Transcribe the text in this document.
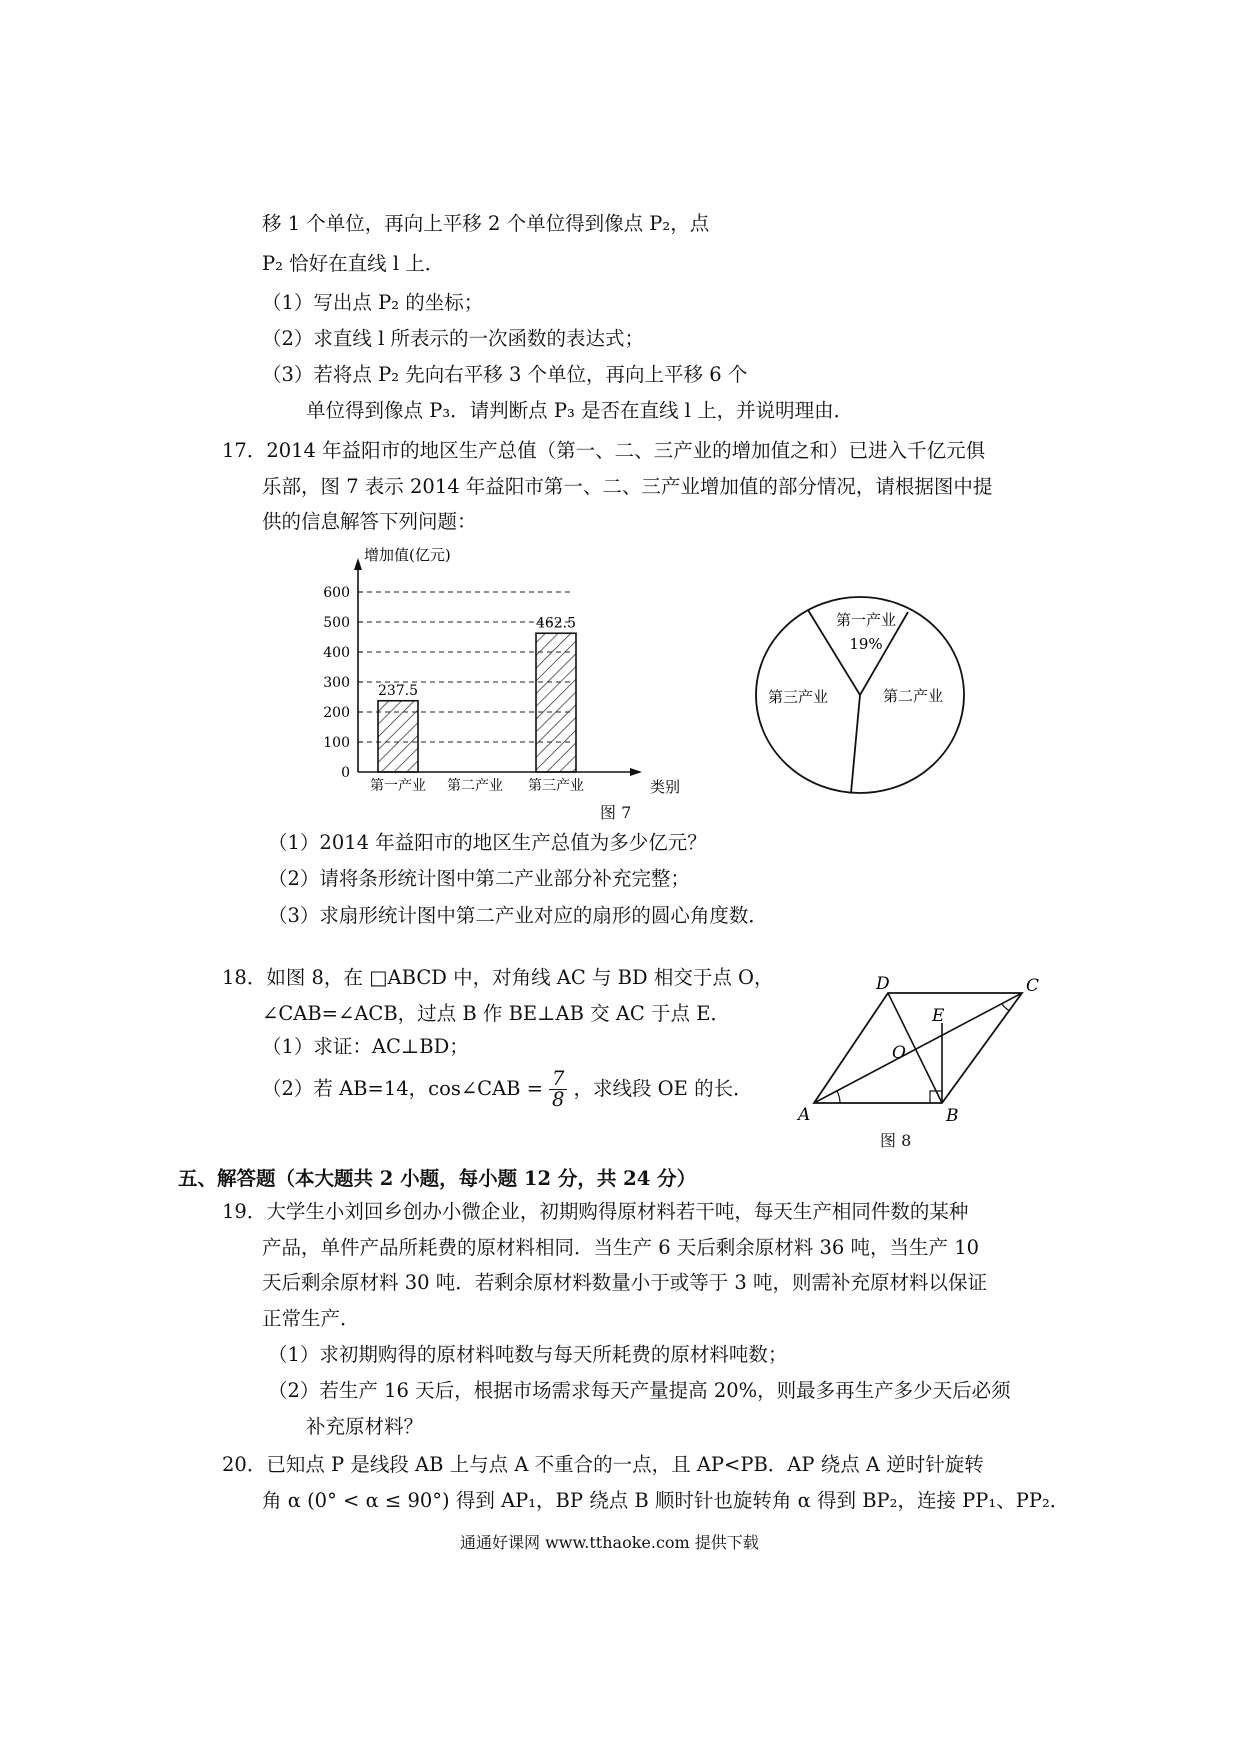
移 1 个单位，再向上平移 2 个单位得到像点 P₂，点
P₂ 恰好在直线 l 上．
（1）写出点 P₂ 的坐标；
（2）求直线 l 所表示的一次函数的表达式；
（3）若将点 P₂ 先向右平移 3 个单位，再向上平移 6 个
单位得到像点 P₃．请判断点 P₃ 是否在直线 l 上，并说明理由．
17．2014 年益阳市的地区生产总值（第一、二、三产业的增加值之和）已进入千亿元俱
乐部，图 7 表示 2014 年益阳市第一、二、三产业增加值的部分情况，请根据图中提
供的信息解答下列问题：
增加值(亿元)
类别
0
100
200
300
400
500
600
237.5
462.5
第一产业 第二产业 第三产业
图 7
第一产业
19%
第三产业	第二产业
（1）2014 年益阳市的地区生产总值为多少亿元？
（2）请将条形统计图中第二产业部分补充完整；
（3）求扇形统计图中第二产业对应的扇形的圆心角度数．
18．如图 8，在 □ABCD 中，对角线 AC 与 BD 相交于点 O，
∠CAB=∠ACB，过点 B 作 BE⊥AB 交 AC 于点 E．
（1）求证：AC⊥BD；
（2）若 AB=14，cos∠CAB = $\frac{7}{8}$ ，求线段 OE 的长．
A	B
C
D
E
O
图 8
五、解答题（本大题共 2 小题，每小题 12 分，共 24 分）
19．大学生小刘回乡创办小微企业，初期购得原材料若干吨，每天生产相同件数的某种
产品，单件产品所耗费的原材料相同．当生产 6 天后剩余原材料 36 吨，当生产 10
天后剩余原材料 30 吨．若剩余原材料数量小于或等于 3 吨，则需补充原材料以保证
正常生产．
（1）求初期购得的原材料吨数与每天所耗费的原材料吨数；
（2）若生产 16 天后，根据市场需求每天产量提高 20%，则最多再生产多少天后必须
补充原材料？
20．已知点 P 是线段 AB 上与点 A 不重合的一点，且 AP<PB．AP 绕点 A 逆时针旋转
角 α (0° < α ≤ 90°) 得到 AP₁，BP 绕点 B 顺时针也旋转角 α 得到 BP₂，连接 PP₁、PP₂．
通通好课网 www.tthaoke.com 提供下载
